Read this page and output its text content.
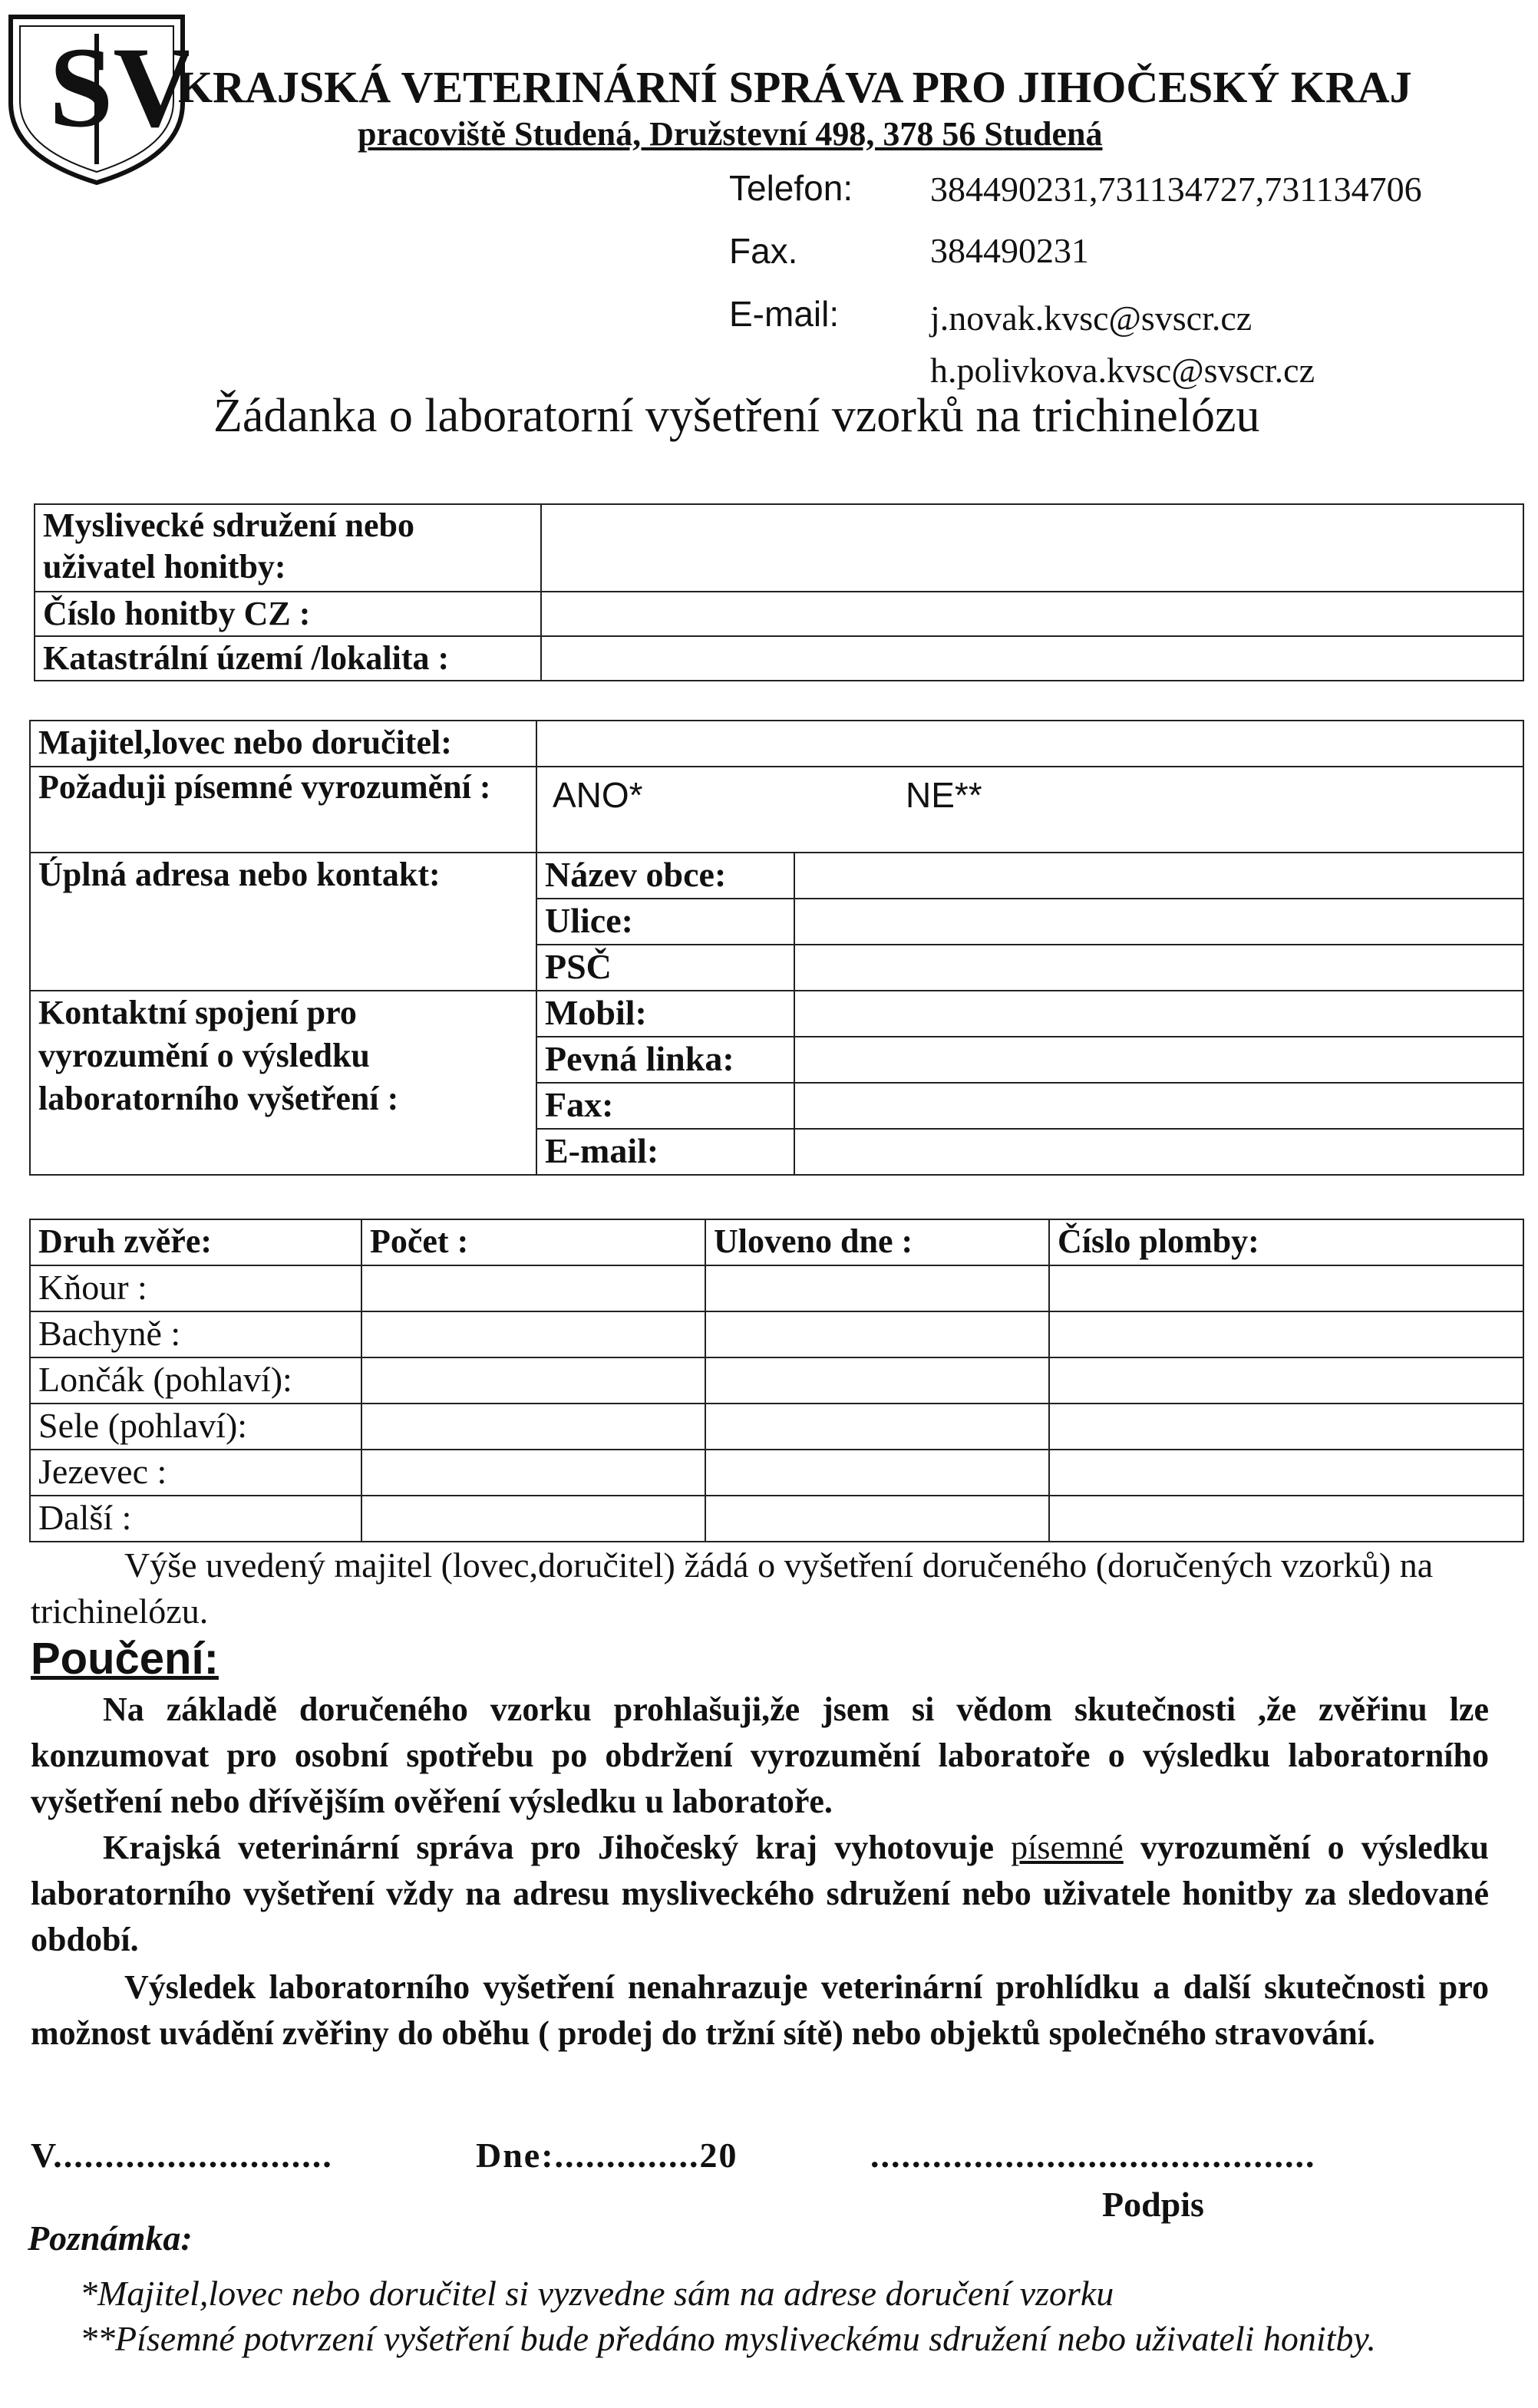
SV
KRAJSKÁ VETERINÁRNÍ SPRÁVA PRO JIHOČESKÝ KRAJ
pracoviště Studená, Družstevní 498, 378 56 Studená
Telefon: 384490231,731134727,731134706
Fax.	384490231
E-mail:	j.novak.kvsc@svscr.cz
h.polivkova.kvsc@svscr.cz
Žádanka o laboratorní vyšetření vzorků na trichinelózu
Myslivecké sdružení nebo uživatel honitby:	
Číslo honitby CZ :	
Katastrální území /lokalita :	
Majitel,lovec nebo doručitel:		
Požaduji písemné vyrozumění :	ANO* NE**	

Úplná adresa nebo kontakt:	Název obce:	
	Ulice:	
	PSČ	
Kontaktní spojení pro vyrozumění o výsledku laboratorního vyšetření :	Mobil:	
	Pevná linka:	
	Fax:	
	E-mail:	
Druh zvěře:	Počet :	Uloveno dne :	Číslo plomby:
Kňour :			
Bachyně :			
Lončák (pohlaví):			
Sele (pohlaví):			
Jezevec :			
Další :			
Výše uvedený majitel (lovec,doručitel) žádá o vyšetření doručeného (doručených vzorků) na trichinelózu.
Poučení:
Na základě doručeného vzorku prohlašuji,že jsem si vědom skutečnosti ,že zvěřinu lze konzumovat pro osobní spotřebu po obdržení vyrozumění laboratoře o výsledku laboratorního vyšetření nebo dřívějším ověření výsledku u laboratoře.
Krajská veterinární správa pro Jihočeský kraj vyhotovuje písemné vyrozumění o výsledku laboratorního vyšetření vždy na adresu mysliveckého sdružení nebo uživatele honitby za sledované období.
Výsledek laboratorního vyšetření nenahrazuje veterinární prohlídku a další skutečnosti pro možnost uvádění zvěřiny do oběhu ( prodej do tržní sítě) nebo objektů společného stravování.
V...........................	Dne:..............20	...........................................
Podpis
Poznámka:
*Majitel,lovec nebo doručitel si vyzvedne sám na adrese doručení vzorku
**Písemné potvrzení vyšetření bude předáno mysliveckému sdružení nebo uživateli honitby.
